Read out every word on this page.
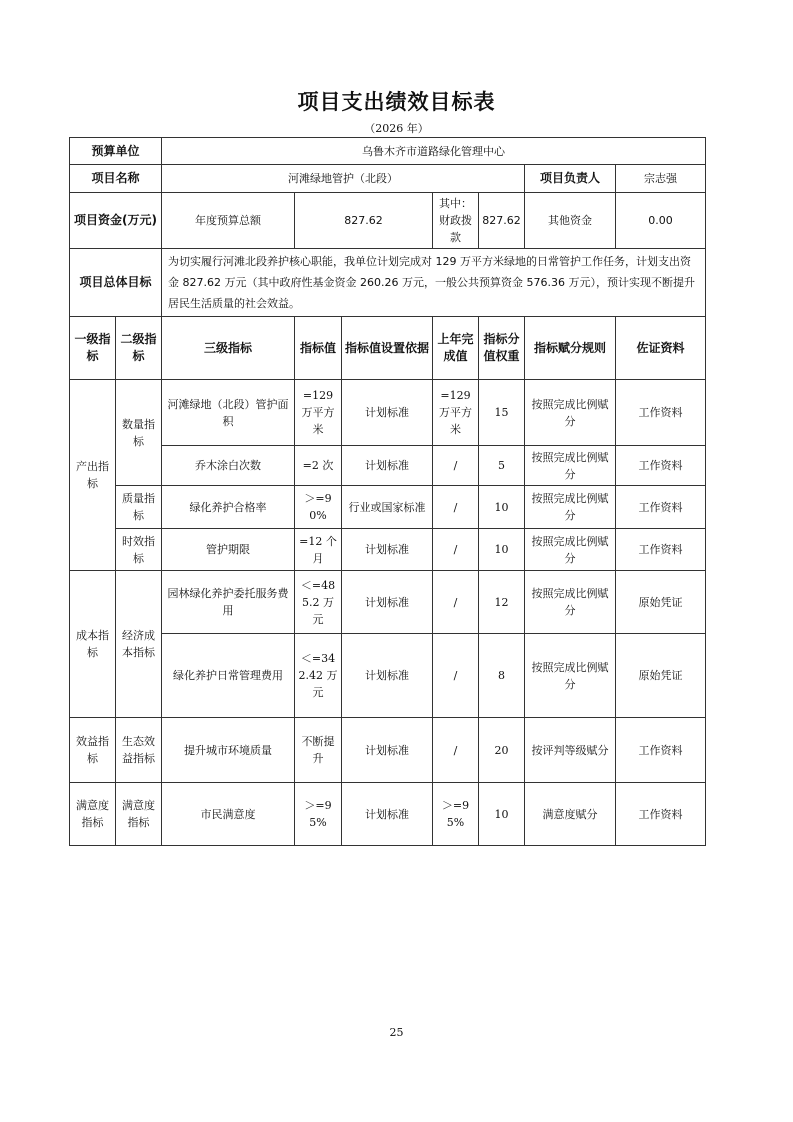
项目支出绩效目标表
（2026 年）
预算单位		乌鲁木齐市道路绿化管理中心						
项目名称		河滩绿地管护（北段）					项目负责人	宗志强
项目资金(万元)		年度预算总额	827.62		其中：财政拨款	827.62	其他资金	0.00
项目总体目标		为切实履行河滩北段养护核心职能，我单位计划完成对 129 万平方米绿地的日常管护工作任务，计划支出资金 827.62 万元（其中政府性基金资金 260.26 万元，一般公共预算资金 576.36 万元），预计实现不断提升居民生活质量的社会效益。						
一级指标	二级指标	三级指标	指标值	指标值设置依据	上年完成值	指标分值权重	指标赋分规则	佐证资料
产出指标	数量指标	河滩绿地（北段）管护面积	=129万平方米	计划标准	=129万平方米	15	按照完成比例赋分	工作资料
		乔木涂白次数	=2 次	计划标准	/	5	按照完成比例赋分	工作资料
	质量指标	绿化养护合格率	＞=90%	行业或国家标准	/	10	按照完成比例赋分	工作资料
	时效指标	管护期限	=12 个月	计划标准	/	10	按照完成比例赋分	工作资料
成本指标	经济成本指标	园林绿化养护委托服务费用	＜=485.2 万元	计划标准	/	12	按照完成比例赋分	原始凭证
		绿化养护日常管理费用	＜=342.42 万元	计划标准	/	8	按照完成比例赋分	原始凭证
效益指标	生态效益指标	提升城市环境质量	不断提升	计划标准	/	20	按评判等级赋分	工作资料
满意度指标	满意度指标	市民满意度	＞=95%	计划标准	＞=95%	10	满意度赋分	工作资料
25
